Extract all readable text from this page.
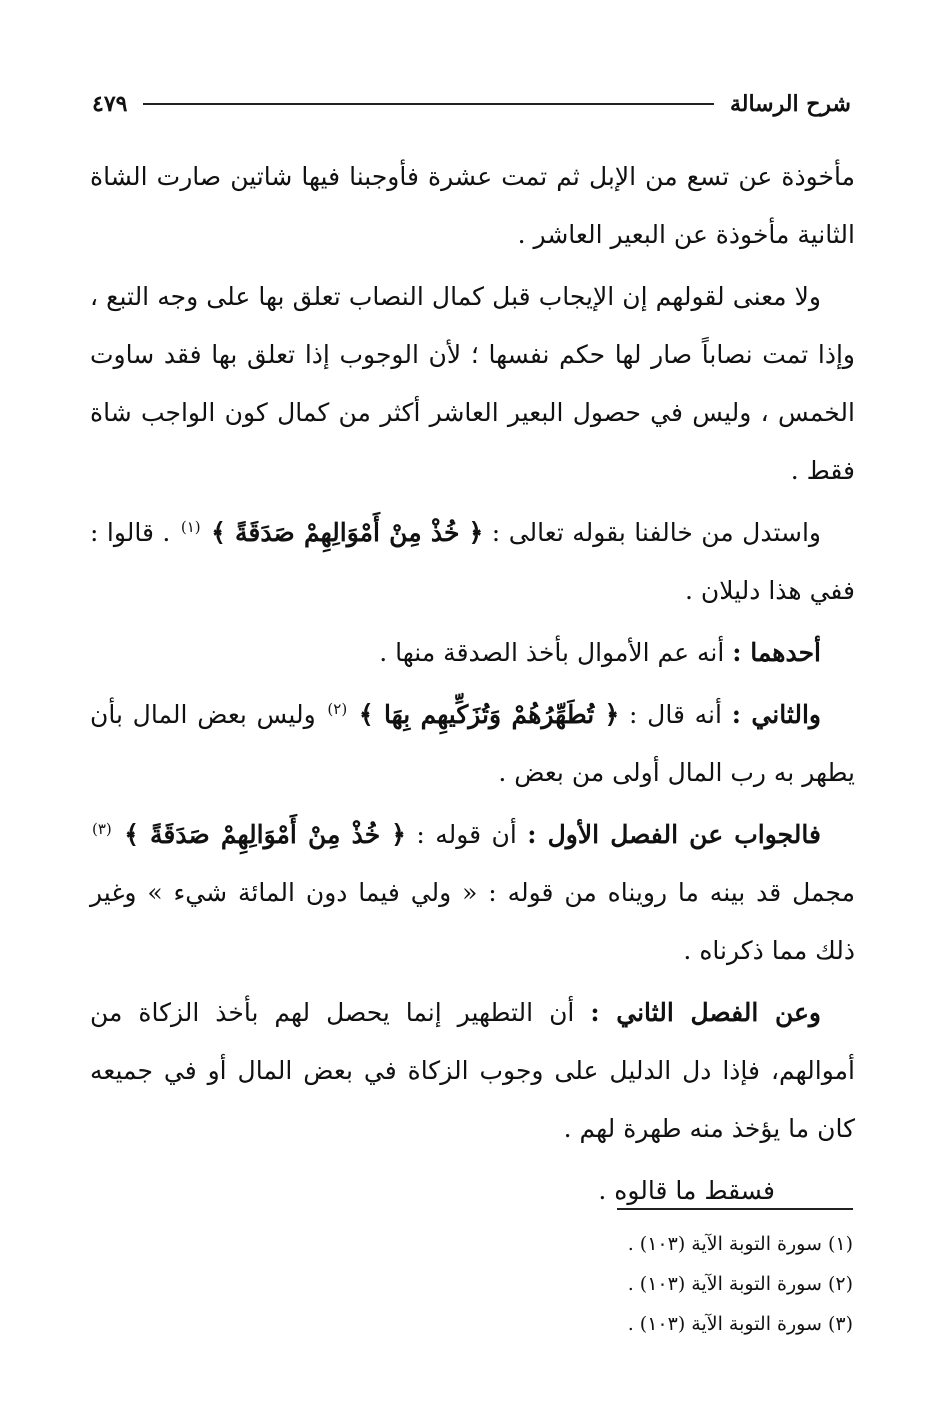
شرح الرسالة
٤٧٩

مأخوذة عن تسع من الإبل ثم تمت عشرة فأوجبنا فيها شاتين صارت الشاة الثانية مأخوذة عن البعير العاشر .

ولا معنى لقولهم إن الإيجاب قبل كمال النصاب تعلق بها على وجه التبع ، وإذا تمت نصاباً صار لها حكم نفسها ؛ لأن الوجوب إذا تعلق بها فقد ساوت الخمس ، وليس في حصول البعير العاشر أكثر من كمال كون الواجب شاة فقط .

واستدل من خالفنا بقوله تعالى : ﴿ خُذْ مِنْ أَمْوَالِهِمْ صَدَقَةً ﴾ $^{(١)}$ . قالوا : ففي هذا دليلان .

أحدهما : أنه عم الأموال بأخذ الصدقة منها .

والثاني : أنه قال : ﴿ تُطَهِّرُهُمْ وَتُزَكِّيهِم بِهَا ﴾ $^{(٢)}$ وليس بعض المال بأن يطهر به رب المال أولى من بعض .

فالجواب عن الفصل الأول : أن قوله : ﴿ خُذْ مِنْ أَمْوَالِهِمْ صَدَقَةً ﴾ $^{(٣)}$ مجمل قد بينه ما رويناه من قوله : « ولي فيما دون المائة شيء » وغير ذلك مما ذكرناه .

وعن الفصل الثاني : أن التطهير إنما يحصل لهم بأخذ الزكاة من أموالهم، فإذا دل الدليل على وجوب الزكاة في بعض المال أو في جميعه كان ما يؤخذ منه طهرة لهم .

فسقط ما قالوه .

(١) سورة التوبة الآية (١٠٣) .
(٢) سورة التوبة الآية (١٠٣) .
(٣) سورة التوبة الآية (١٠٣) .
